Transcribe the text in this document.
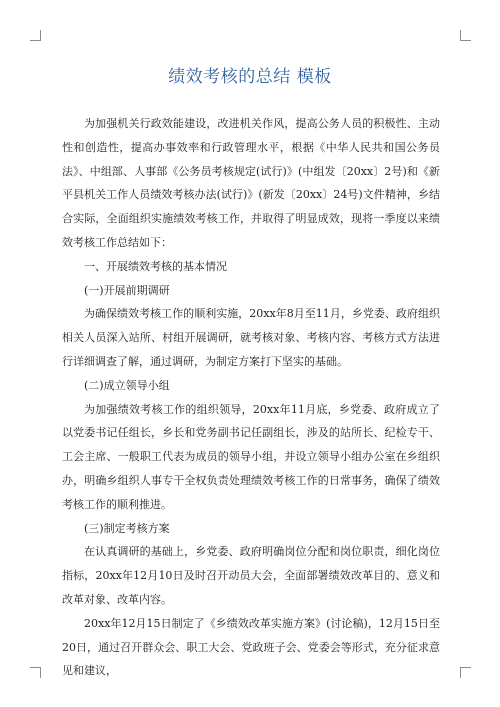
绩效考核的总结 模板

为加强机关行政效能建设，改进机关作风，提高公务人员的积极性、主动性和创造性，提高办事效率和行政管理水平，根据《中华人民共和国公务员法》、中组部、人事部《公务员考核规定(试行)》(中组发〔20xx〕2号)和《新平县机关工作人员绩效考核办法(试行)》(新发〔20xx〕24号)文件精神，乡结合实际，全面组织实施绩效考核工作，并取得了明显成效，现将一季度以来绩效考核工作总结如下：

一、开展绩效考核的基本情况

(一)开展前期调研

为确保绩效考核工作的顺利实施，20xx年8月至11月，乡党委、政府组织相关人员深入站所、村组开展调研，就考核对象、考核内容、考核方式方法进行详细调查了解，通过调研，为制定方案打下坚实的基础。

(二)成立领导小组

为加强绩效考核工作的组织领导，20xx年11月底，乡党委、政府成立了以党委书记任组长，乡长和党务副书记任副组长，涉及的站所长、纪检专干、工会主席、一般职工代表为成员的领导小组，并设立领导小组办公室在乡组织办，明确乡组织人事专干全权负责处理绩效考核工作的日常事务，确保了绩效考核工作的顺利推进。

(三)制定考核方案

在认真调研的基础上，乡党委、政府明确岗位分配和岗位职责，细化岗位指标，20xx年12月10日及时召开动员大会，全面部署绩效改革目的、意义和改革对象、改革内容。

20xx年12月15日制定了《乡绩效改革实施方案》(讨论稿)，12月15日至20日，通过召开群众会、职工大会、党政班子会、党委会等形式，充分征求意见和建议，
